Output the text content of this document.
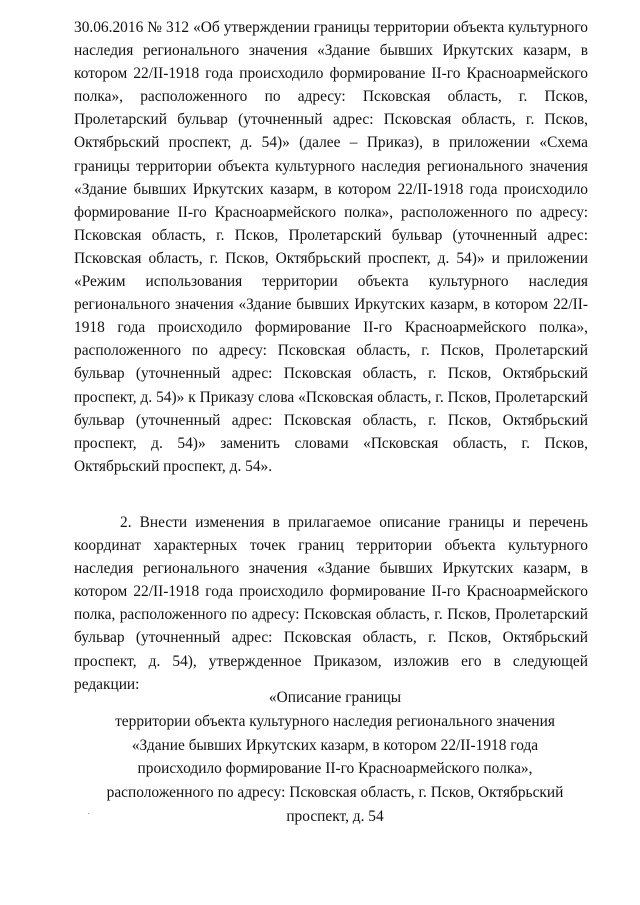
30.06.2016 № 312 «Об утверждении границы территории объекта культурного наследия регионального значения «Здание бывших Иркутских казарм, в котором 22/II-1918 года происходило формирование II-го Красноармейского полка», расположенного по адресу: Псковская область, г. Псков, Пролетарский бульвар (уточненный адрес: Псковская область, г. Псков, Октябрьский проспект, д. 54)» (далее – Приказ), в приложении «Схема границы территории объекта культурного наследия регионального значения «Здание бывших Иркутских казарм, в котором 22/II-1918 года происходило формирование II-го Красноармейского полка», расположенного по адресу: Псковская область, г. Псков, Пролетарский бульвар (уточненный адрес: Псковская область, г. Псков, Октябрьский проспект, д. 54)» и приложении «Режим использования территории объекта культурного наследия регионального значения «Здание бывших Иркутских казарм, в котором 22/II-1918 года происходило формирование II-го Красноармейского полка», расположенного по адресу: Псковская область, г. Псков, Пролетарский бульвар (уточненный адрес: Псковская область, г. Псков, Октябрьский проспект, д. 54)» к Приказу слова «Псковская область, г. Псков, Пролетарский бульвар (уточненный адрес: Псковская область, г. Псков, Октябрьский проспект, д. 54)» заменить словами «Псковская область, г. Псков, Октябрьский проспект, д. 54».

2. Внести изменения в прилагаемое описание границы и перечень координат характерных точек границ территории объекта культурного наследия регионального значения «Здание бывших Иркутских казарм, в котором 22/II-1918 года происходило формирование II-го Красноармейского полка, расположенного по адресу: Псковская область, г. Псков, Пролетарский бульвар (уточненный адрес: Псковская область, г. Псков, Октябрьский проспект, д. 54), утвержденное Приказом, изложив его в следующей редакции:

«Описание границы
территории объекта культурного наследия регионального значения
«Здание бывших Иркутских казарм, в котором 22/II-1918 года
происходило формирование II-го Красноармейского полка»,
расположенного по адресу: Псковская область, г. Псков, Октябрьский
проспект, д. 54
